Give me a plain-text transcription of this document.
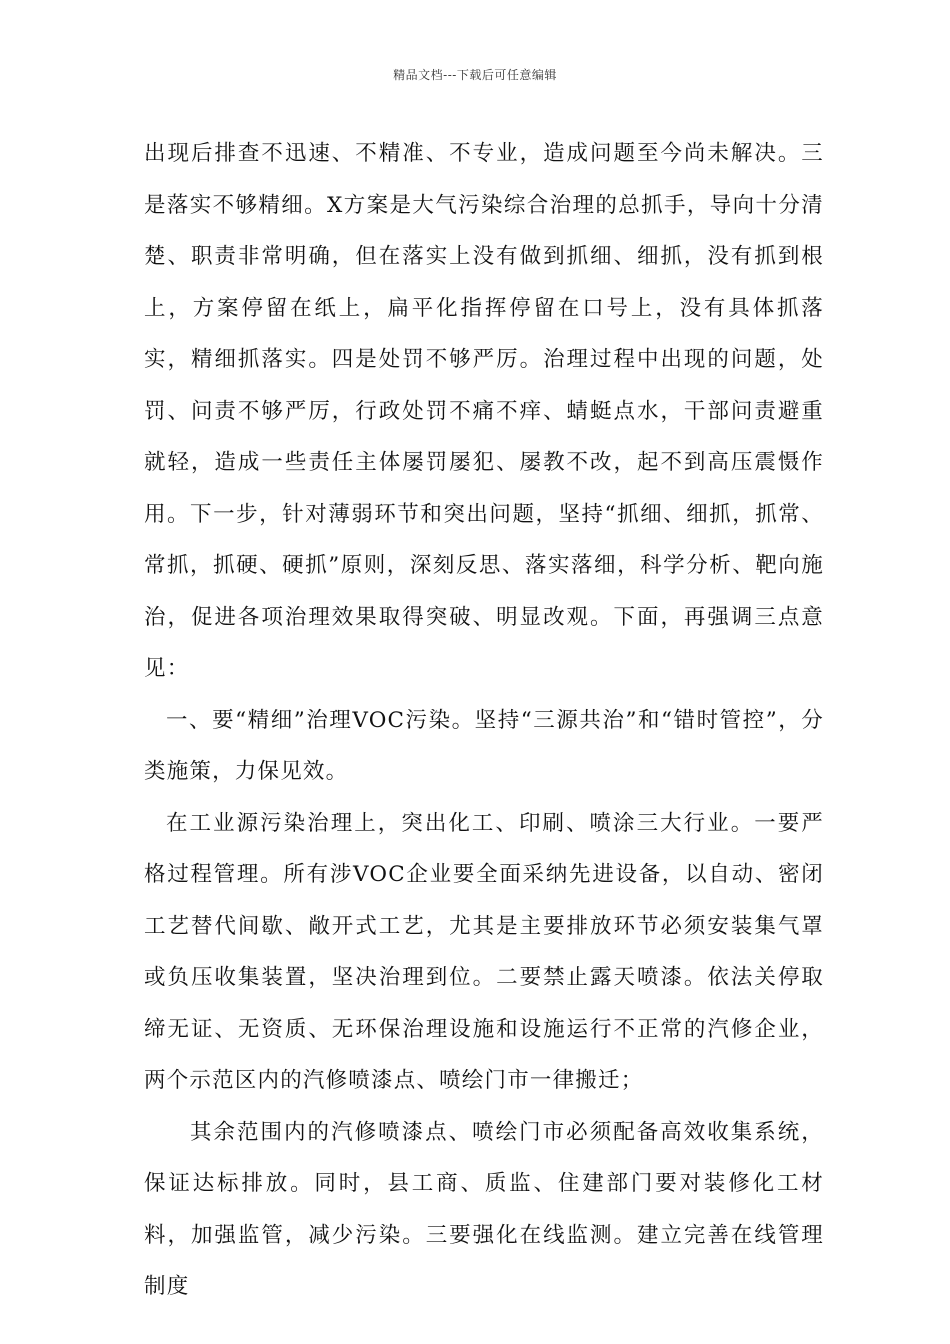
精品文档---下载后可任意编辑

出现后排查不迅速、不精准、不专业，造成问题至今尚未解决。三是落实不够精细。X方案是大气污染综合治理的总抓手，导向十分清楚、职责非常明确，但在落实上没有做到抓细、细抓，没有抓到根上，方案停留在纸上，扁平化指挥停留在口号上，没有具体抓落实，精细抓落实。四是处罚不够严厉。治理过程中出现的问题，处罚、问责不够严厉，行政处罚不痛不痒、蜻蜓点水，干部问责避重就轻，造成一些责任主体屡罚屡犯、屡教不改，起不到高压震慑作用。下一步，针对薄弱环节和突出问题，坚持“抓细、细抓，抓常、常抓，抓硬、硬抓”原则，深刻反思、落实落细，科学分析、靶向施治，促进各项治理效果取得突破、明显改观。下面，再强调三点意见：

一、要“精细”治理VOC污染。坚持“三源共治”和“错时管控”，分类施策，力保见效。

在工业源污染治理上，突出化工、印刷、喷涂三大行业。一要严格过程管理。所有涉VOC企业要全面采纳先进设备，以自动、密闭工艺替代间歇、敞开式工艺，尤其是主要排放环节必须安装集气罩或负压收集装置，坚决治理到位。二要禁止露天喷漆。依法关停取缔无证、无资质、无环保治理设施和设施运行不正常的汽修企业，两个示范区内的汽修喷漆点、喷绘门市一律搬迁；

其余范围内的汽修喷漆点、喷绘门市必须配备高效收集系统，保证达标排放。同时，县工商、质监、住建部门要对装修化工材料，加强监管，减少污染。三要强化在线监测。建立完善在线管理制度
